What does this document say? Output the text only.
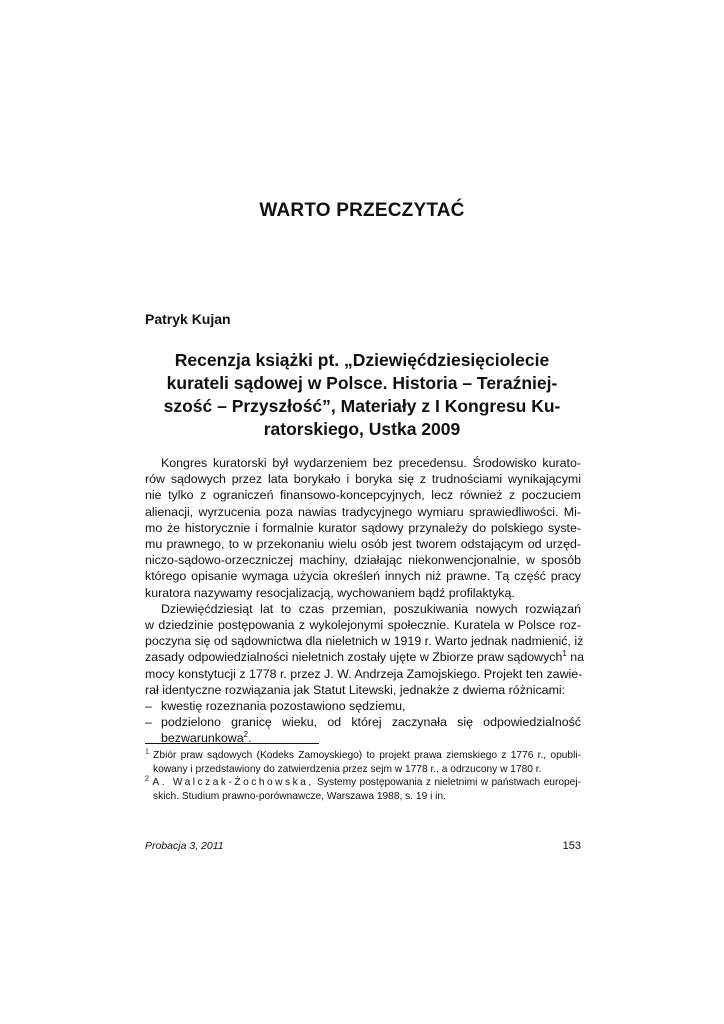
WARTO PRZECZYTAĆ
Patryk Kujan
Recenzja książki pt. „Dziewięćdziesięciolecie
kurateli sądowej w Polsce. Historia – Teraźniej-
szość – Przyszłość”, Materiały z I Kongresu Ku-
ratorskiego, Ustka 2009
Kongres kuratorski był wydarzeniem bez precedensu. Środowisko kurato-
rów sądowych przez lata borykało i boryka się z trudnościami wynikającymi
nie tylko z ograniczeń finansowo-koncepcyjnych, lecz również z poczuciem
alienacji, wyrzucenia poza nawias tradycyjnego wymiaru sprawiedliwości. Mi-
mo że historycznie i formalnie kurator sądowy przynależy do polskiego syste-
mu prawnego, to w przekonaniu wielu osób jest tworem odstającym od urzęd-
niczo-sądowo-orzeczniczej machiny, działając niekonwencjonalnie, w sposób
którego opisanie wymaga użycia określeń innych niż prawne. Tą część pracy
kuratora nazywamy resocjalizacją, wychowaniem bądź profilaktyką.
Dziewięćdziesiąt lat to czas przemian, poszukiwania nowych rozwiązań
w dziedzinie postępowania z wykolejonymi społecznie. Kuratela w Polsce roz-
poczyna się od sądownictwa dla nieletnich w 1919 r. Warto jednak nadmienić, iż
zasady odpowiedzialności nieletnich zostały ujęte w Zbiorze praw sądowych$^1$ na
mocy konstytucji z 1778 r. przez J. W. Andrzeja Zamojskiego. Projekt ten zawie-
rał identyczne rozwiązania jak Statut Litewski, jednakże z dwiema różnicami:
– kwestię rozeznania pozostawiono sędziemu,
– podzielono granicę wieku, od której zaczynała się odpowiedzialność
bezwarunkowa$^2$.
$^1$ Zbiór praw sądowych (Kodeks Zamoyskiego) to projekt prawa ziemskiego z 1776 r., opubli-
kowany i przedstawiony do zatwierdzenia przez sejm w 1778 r., a odrzucony w 1780 r.
$^2$ A. Walczak-Żochowska, Systemy postępowania z nieletnimi w państwach europej-
skich. Studium prawno-porównawcze, Warszawa 1988, s. 19 i in.
Probacja 3, 2011	153
